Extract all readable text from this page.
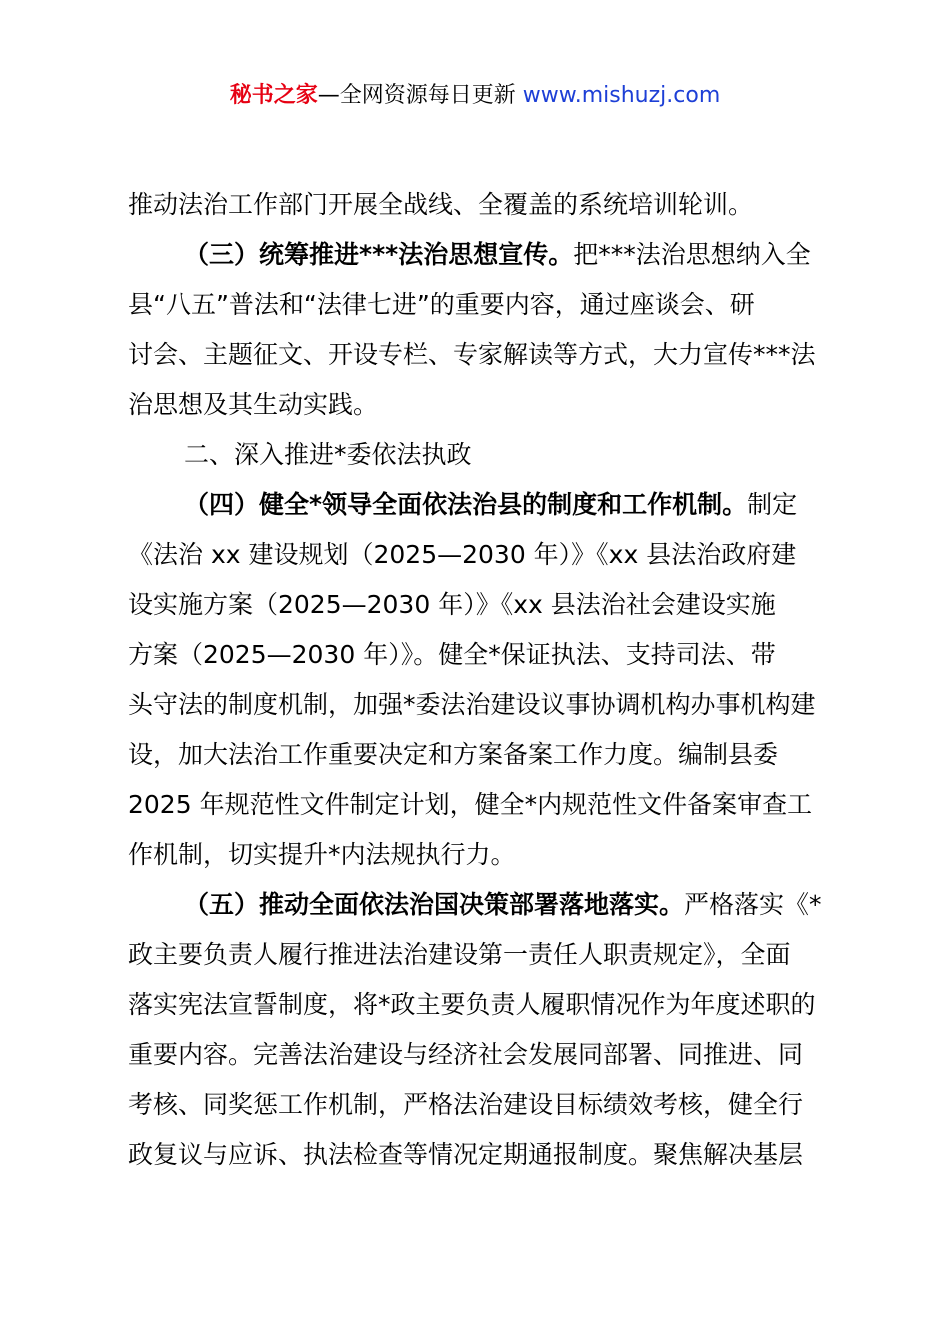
秘书之家—全网资源每日更新 www.mishuzj.com
推动法治工作部门开展全战线、全覆盖的系统培训轮训。
（三）统筹推进***法治思想宣传。把***法治思想纳入全
县“八五”普法和“法律七进”的重要内容，通过座谈会、研
讨会、主题征文、开设专栏、专家解读等方式，大力宣传***法
治思想及其生动实践。
二、深入推进*委依法执政
（四）健全*领导全面依法治县的制度和工作机制。制定
《法治 xx 建设规划（2025—2030 年）》《xx 县法治政府建
设实施方案（2025—2030 年）》《xx 县法治社会建设实施
方案（2025—2030 年）》。健全*保证执法、支持司法、带
头守法的制度机制，加强*委法治建设议事协调机构办事机构建
设，加大法治工作重要决定和方案备案工作力度。编制县委
2025 年规范性文件制定计划，健全*内规范性文件备案审查工
作机制，切实提升*内法规执行力。
（五）推动全面依法治国决策部署落地落实。严格落实《*
政主要负责人履行推进法治建设第一责任人职责规定》，全面
落实宪法宣誓制度，将*政主要负责人履职情况作为年度述职的
重要内容。完善法治建设与经济社会发展同部署、同推进、同
考核、同奖惩工作机制，严格法治建设目标绩效考核，健全行
政复议与应诉、执法检查等情况定期通报制度。聚焦解决基层
